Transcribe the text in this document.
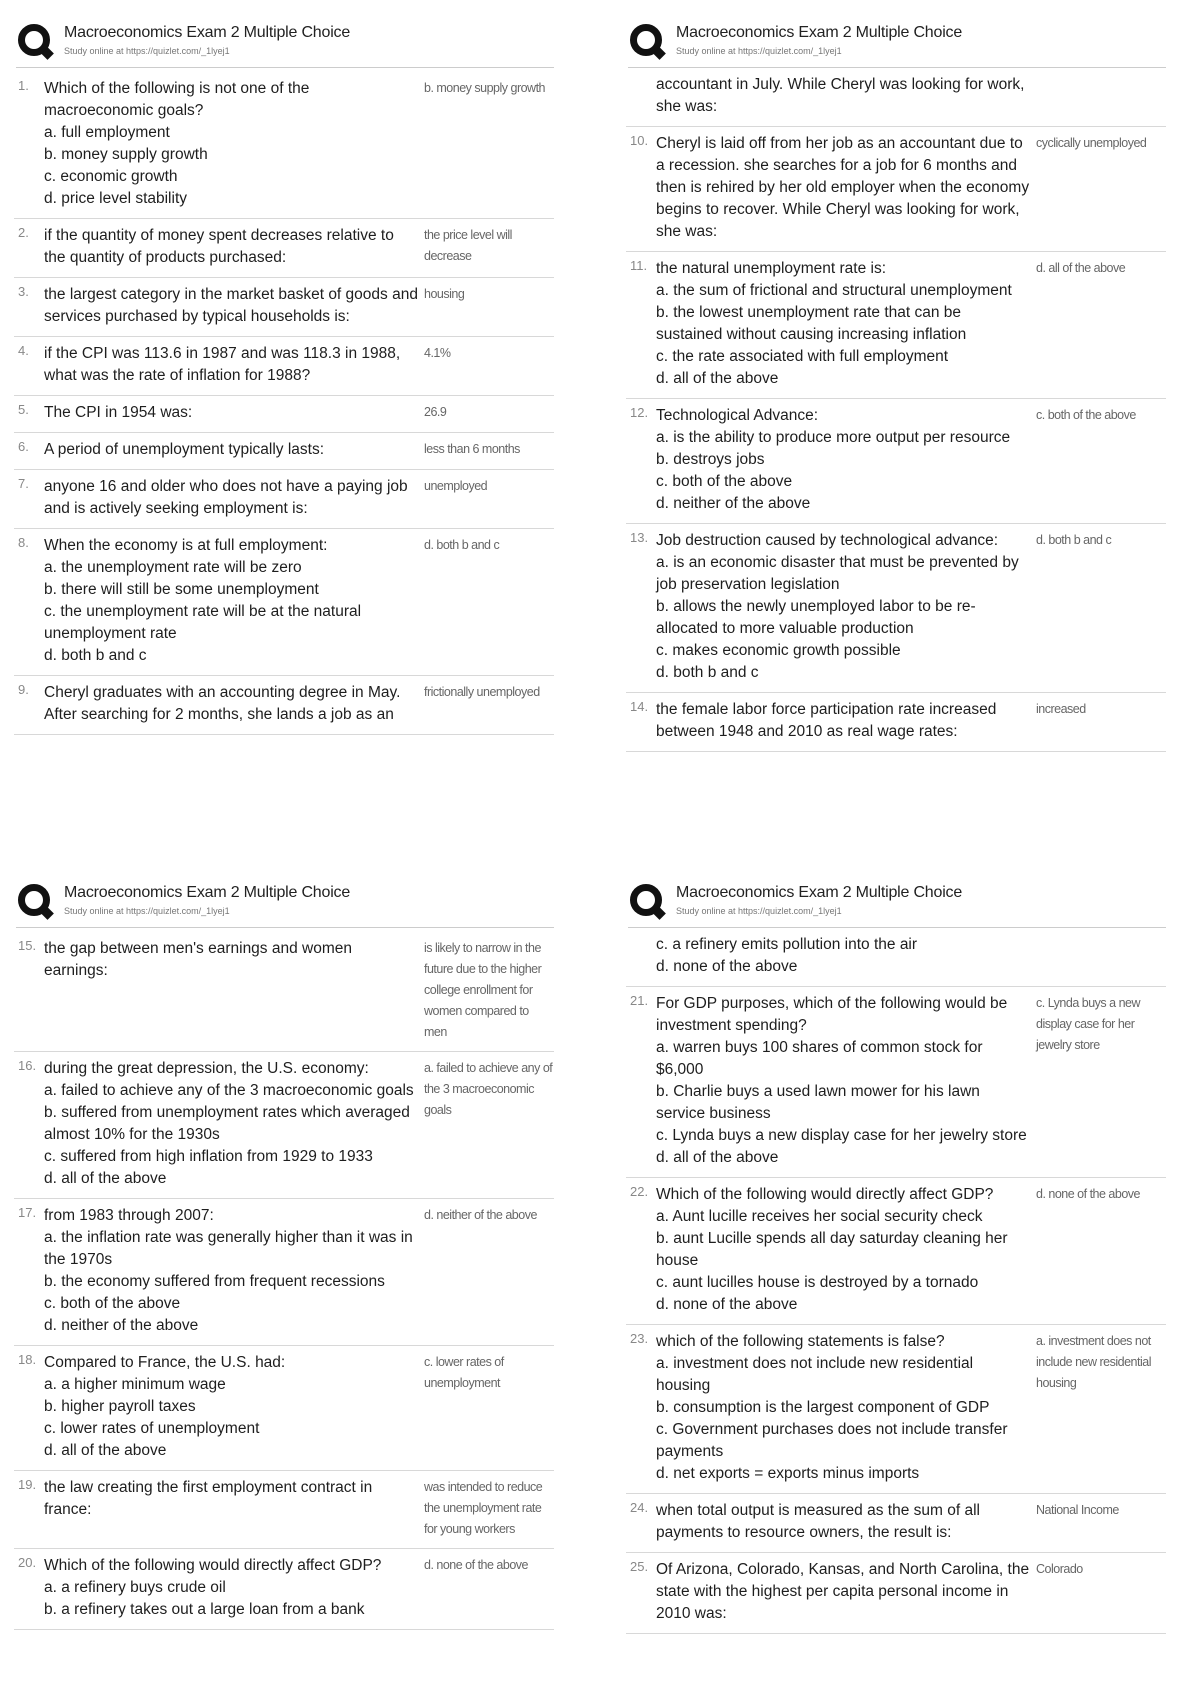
Macroeconomics Exam 2 Multiple Choice
Study online at https://quizlet.com/_1lyej1
1. Which of the following is not one of the macroeconomic goals?
a. full employment
b. money supply growth
c. economic growth
d. price level stability
b. money supply growth
2. if the quantity of money spent decreases relative to the quantity of products purchased:
the price level will decrease
3. the largest category in the market basket of goods and services purchased by typical households is:
housing
4. if the CPI was 113.6 in 1987 and was 118.3 in 1988, what was the rate of inflation for 1988?
4.1%
5. The CPI in 1954 was:	26.9
6. A period of unemployment typically lasts:	less than 6 months
7. anyone 16 and older who does not have a paying job and is actively seeking employment is:
unemployed
8. When the economy is at full employment:
a. the unemployment rate will be zero
b. there will still be some unemployment
c. the unemployment rate will be at the natural unemployment rate
d. both b and c
d. both b and c
9. Cheryl graduates with an accounting degree in May. After searching for 2 months, she lands a job as an
frictionally unemployed
Macroeconomics Exam 2 Multiple Choice
Study online at https://quizlet.com/_1lyej1
accountant in July. While Cheryl was looking for work, she was:
10. Cheryl is laid off from her job as an accountant due to a recession. she searches for a job for 6 months and then is rehired by her old employer when the economy begins to recover. While Cheryl was looking for work, she was:
cyclically unemployed
11. the natural unemployment rate is:
a. the sum of frictional and structural unemployment
b. the lowest unemployment rate that can be sustained without causing increasing inflation
c. the rate associated with full employment
d. all of the above
d. all of the above
12. Technological Advance:
a. is the ability to produce more output per resource
b. destroys jobs
c. both of the above
d. neither of the above
c. both of the above
13. Job destruction caused by technological advance:
a. is an economic disaster that must be prevented by job preservation legislation
b. allows the newly unemployed labor to be re-allocated to more valuable production
c. makes economic growth possible
d. both b and c
d. both b and c
14. the female labor force participation rate increased between 1948 and 2010 as real wage rates:
increased
Macroeconomics Exam 2 Multiple Choice
Study online at https://quizlet.com/_1lyej1
15. the gap between men's earnings and women earnings:
is likely to narrow in the future due to the higher college enrollment for women compared to men
16. during the great depression, the U.S. economy:
a. failed to achieve any of the 3 macroeconomic goals
b. suffered from unemployment rates which averaged almost 10% for the 1930s
c. suffered from high inflation from 1929 to 1933
d. all of the above
a. failed to achieve any of the 3 macroeconomic goals
17. from 1983 through 2007:
a. the inflation rate was generally higher than it was in the 1970s
b. the economy suffered from frequent recessions
c. both of the above
d. neither of the above
d. neither of the above
18. Compared to France, the U.S. had:
a. a higher minimum wage
b. higher payroll taxes
c. lower rates of unemployment
d. all of the above
c. lower rates of unemployment
19. the law creating the first employment contract in france:
was intended to reduce the unemployment rate for young workers
20. Which of the following would directly affect GDP?
a. a refinery buys crude oil
b. a refinery takes out a large loan from a bank
d. none of the above
Macroeconomics Exam 2 Multiple Choice
Study online at https://quizlet.com/_1lyej1
c. a refinery emits pollution into the air
d. none of the above
21. For GDP purposes, which of the following would be investment spending?
a. warren buys 100 shares of common stock for $6,000
b. Charlie buys a used lawn mower for his lawn service business
c. Lynda buys a new display case for her jewelry store
d. all of the above
c. Lynda buys a new display case for her jewelry store
22. Which of the following would directly affect GDP?
a. Aunt lucille receives her social security check
b. aunt Lucille spends all day saturday cleaning her house
c. aunt lucilles house is destroyed by a tornado
d. none of the above
d. none of the above
23. which of the following statements is false?
a. investment does not include new residential housing
b. consumption is the largest component of GDP
c. Government purchases does not include transfer payments
d. net exports = exports minus imports
a. investment does not include new residential housing
24. when total output is measured as the sum of all payments to resource owners, the result is:
National Income
25. Of Arizona, Colorado, Kansas, and North Carolina, the state with the highest per capita personal income in 2010 was:
Colorado
